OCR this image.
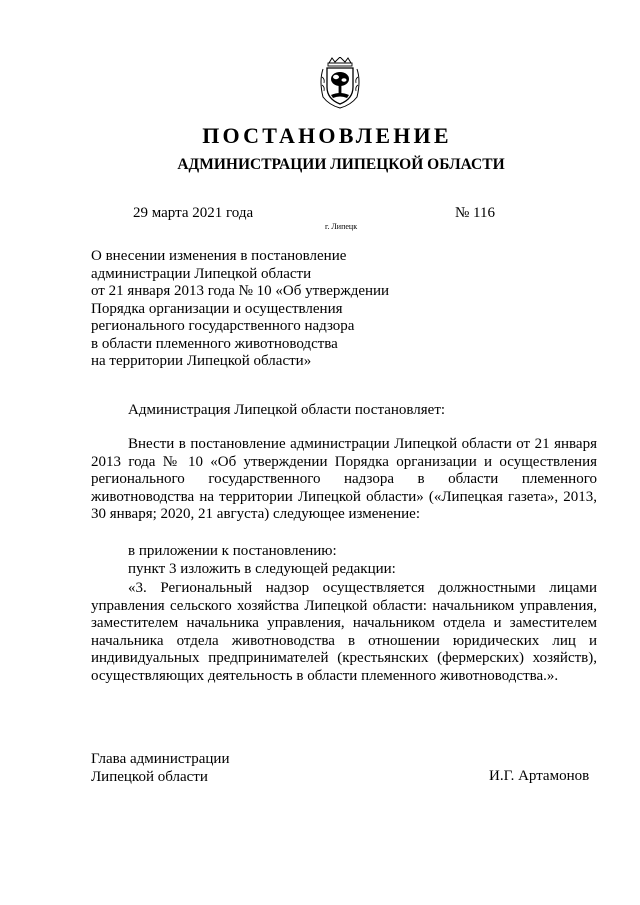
ПОСТАНОВЛЕНИЕ
АДМИНИСТРАЦИИ ЛИПЕЦКОЙ ОБЛАСТИ
29 марта 2021 года
г. Липецк
№ 116
О внесении изменения в постановление
администрации Липецкой области
от 21 января 2013 года № 10 «Об утверждении
Порядка организации и осуществления
регионального государственного надзора
в области племенного животноводства
на территории Липецкой области»
Администрация Липецкой области постановляет:
Внести в постановление администрации Липецкой области от 21 января 2013 года № 10 «Об утверждении Порядка организации и осуществления регионального государственного надзора в области племенного животноводства на территории Липецкой области» («Липецкая газета», 2013, 30 января; 2020, 21 августа) следующее изменение:
в приложении к постановлению:
пункт 3 изложить в следующей редакции:
«3. Региональный надзор осуществляется должностными лицами управления сельского хозяйства Липецкой области: начальником управления, заместителем начальника управления, начальником отдела и заместителем начальника отдела животноводства в отношении юридических лиц и индивидуальных предпринимателей (крестьянских (фермерских) хозяйств), осуществляющих деятельность в области племенного животноводства.».
Глава администрации
Липецкой области	И.Г. Артамонов
